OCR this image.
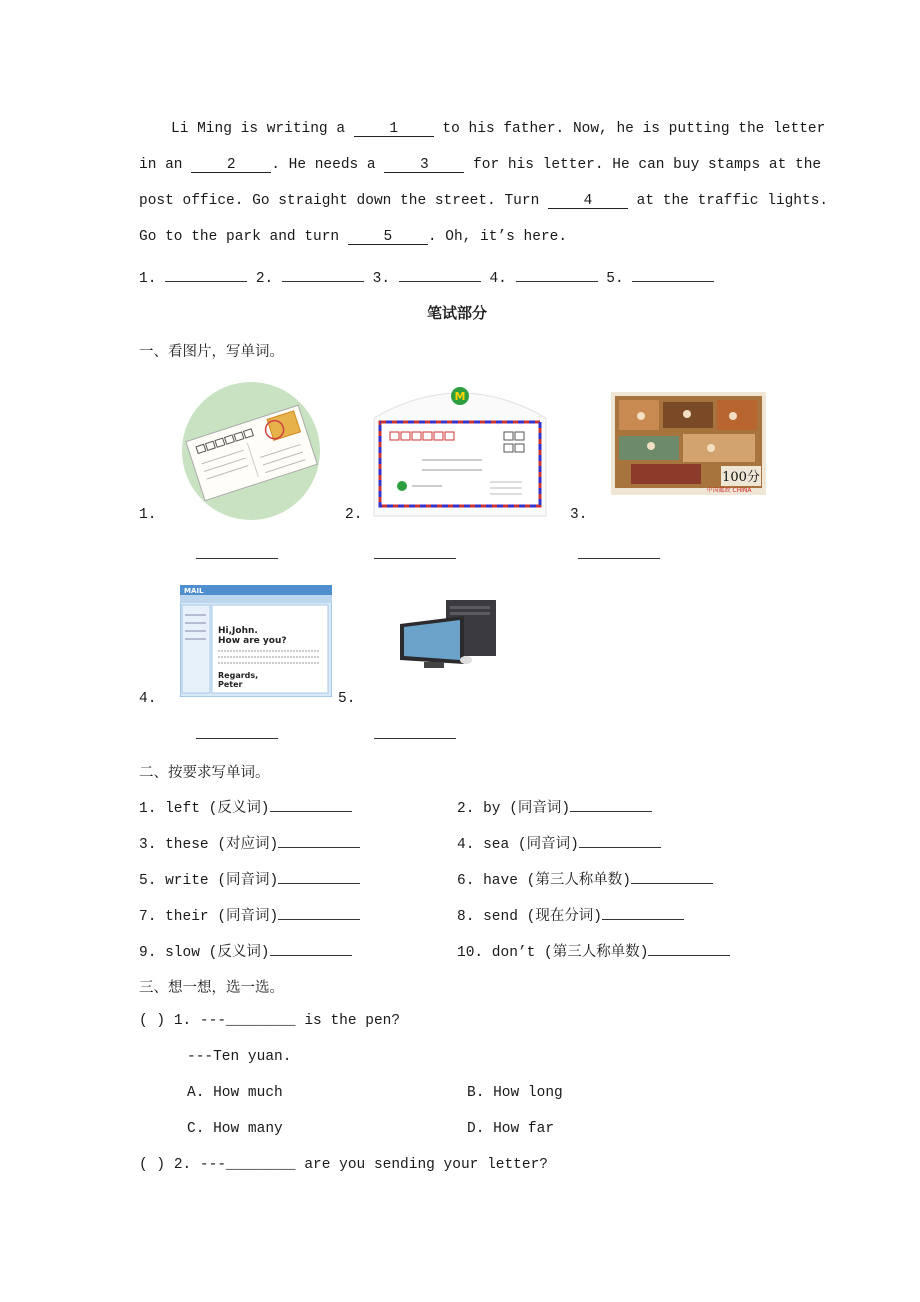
Li Ming is writing a 1 to his father. Now, he is putting the letter
in an 2 . He needs a 3 for his letter. He can buy stamps at the
post office. Go straight down the street. Turn 4 at the traffic lights.
Go to the park and turn 5 . Oh, it’s here.
1.	2.	3.	4.	5.
笔试部分
一、看图片，写单词。
1.
M
2.
100分
中国邮政 CHINA
3.
MAIL
Hi,John.
How are you?
Regards,
Peter
4.	5.
二、按要求写单词。
1. left (反义词)	2. by (同音词)
3. these (对应词)	4. sea (同音词)
5. write (同音词)	6. have (第三人称单数)
7. their (同音词)	8. send (现在分词)
9. slow (反义词)	10. don’t (第三人称单数)
三、想一想，选一选。
( ) 1. ---________ is the pen?
---Ten yuan.
A. How much	B. How long
C. How many	D. How far
( ) 2. ---________ are you sending your letter?
